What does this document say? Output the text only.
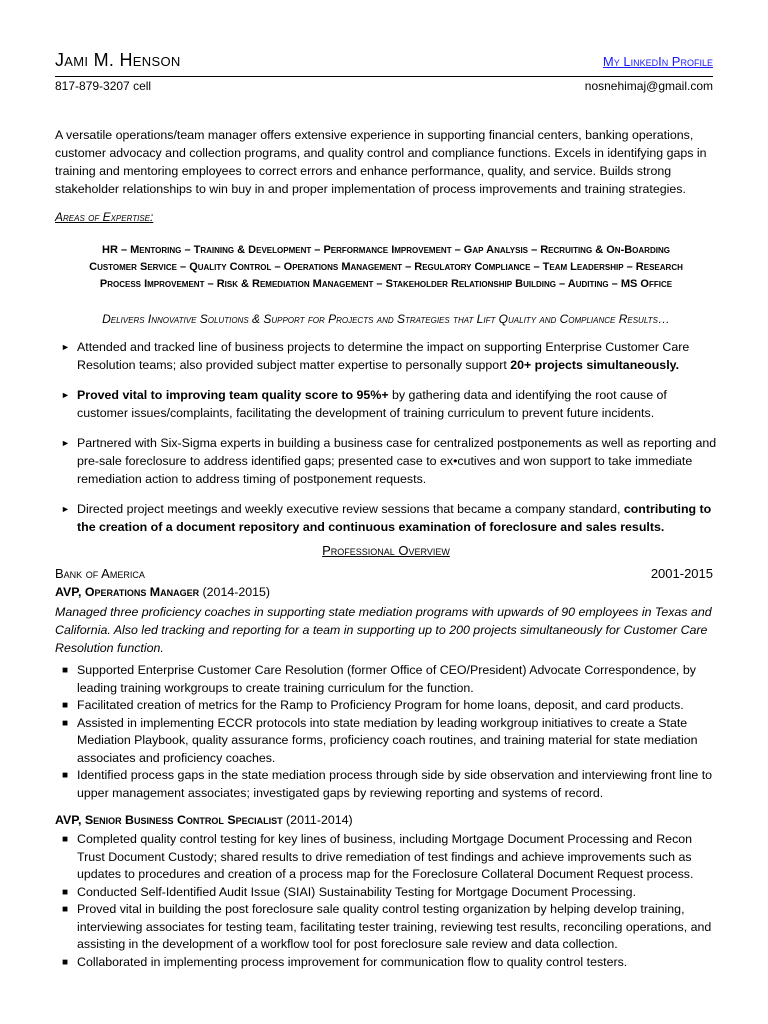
Jami M. Henson	My LinkedIn Profile
817-879-3207 cell	nosnehimaj@gmail.com

A versatile operations/team manager offers extensive experience in supporting financial centers, banking operations, customer advocacy and collection programs, and quality control and compliance functions. Excels in identifying gaps in training and mentoring employees to correct errors and enhance performance, quality, and service. Builds strong stakeholder relationships to win buy in and proper implementation of process improvements and training strategies.

Areas of Expertise:
HR – Mentoring – Training & Development – Performance Improvement – Gap Analysis – Recruiting & On-Boarding
Customer Service – Quality Control – Operations Management – Regulatory Compliance – Team Leadership – Research
Process Improvement – Risk & Remediation Management – Stakeholder Relationship Building – Auditing – MS Office
Delivers Innovative Solutions & Support for Projects and Strategies that Lift Quality and Compliance Results…
► Attended and tracked line of business projects to determine the impact on supporting Enterprise Customer Care Resolution teams; also provided subject matter expertise to personally support 20+ projects simultaneously.
► Proved vital to improving team quality score to 95%+ by gathering data and identifying the root cause of customer issues/complaints, facilitating the development of training curriculum to prevent future incidents.
► Partnered with Six-Sigma experts in building a business case for centralized postponements as well as reporting and pre-sale foreclosure to address identified gaps; presented case to ex•cutives and won support to take immediate remediation action to address timing of postponement requests.
► Directed project meetings and weekly executive review sessions that became a company standard, contributing to the creation of a document repository and continuous examination of foreclosure and sales results.
Professional Overview
Bank of America	2001-2015
AVP, Operations Manager (2014-2015)

Managed three proficiency coaches in supporting state mediation programs with upwards of 90 employees in Texas and California. Also led tracking and reporting for a team in supporting up to 200 projects simultaneously for Customer Care Resolution function.

■ Supported Enterprise Customer Care Resolution (former Office of CEO/President) Advocate Correspondence, by leading training workgroups to create training curriculum for the function.
■ Facilitated creation of metrics for the Ramp to Proficiency Program for home loans, deposit, and card products.
■ Assisted in implementing ECCR protocols into state mediation by leading workgroup initiatives to create a State Mediation Playbook, quality assurance forms, proficiency coach routines, and training material for state mediation associates and proficiency coaches.
■ Identified process gaps in the state mediation process through side by side observation and interviewing front line to upper management associates; investigated gaps by reviewing reporting and systems of record.
AVP, Senior Business Control Specialist (2011-2014)
■ Completed quality control testing for key lines of business, including Mortgage Document Processing and Recon Trust Document Custody; shared results to drive remediation of test findings and achieve improvements such as updates to procedures and creation of a process map for the Foreclosure Collateral Document Request process.
■ Conducted Self-Identified Audit Issue (SIAI) Sustainability Testing for Mortgage Document Processing.
■ Proved vital in building the post foreclosure sale quality control testing organization by helping develop training, interviewing associates for testing team, facilitating tester training, reviewing test results, reconciling operations, and assisting in the development of a workflow tool for post foreclosure sale review and data collection.
■ Collaborated in implementing process improvement for communication flow to quality control testers.
